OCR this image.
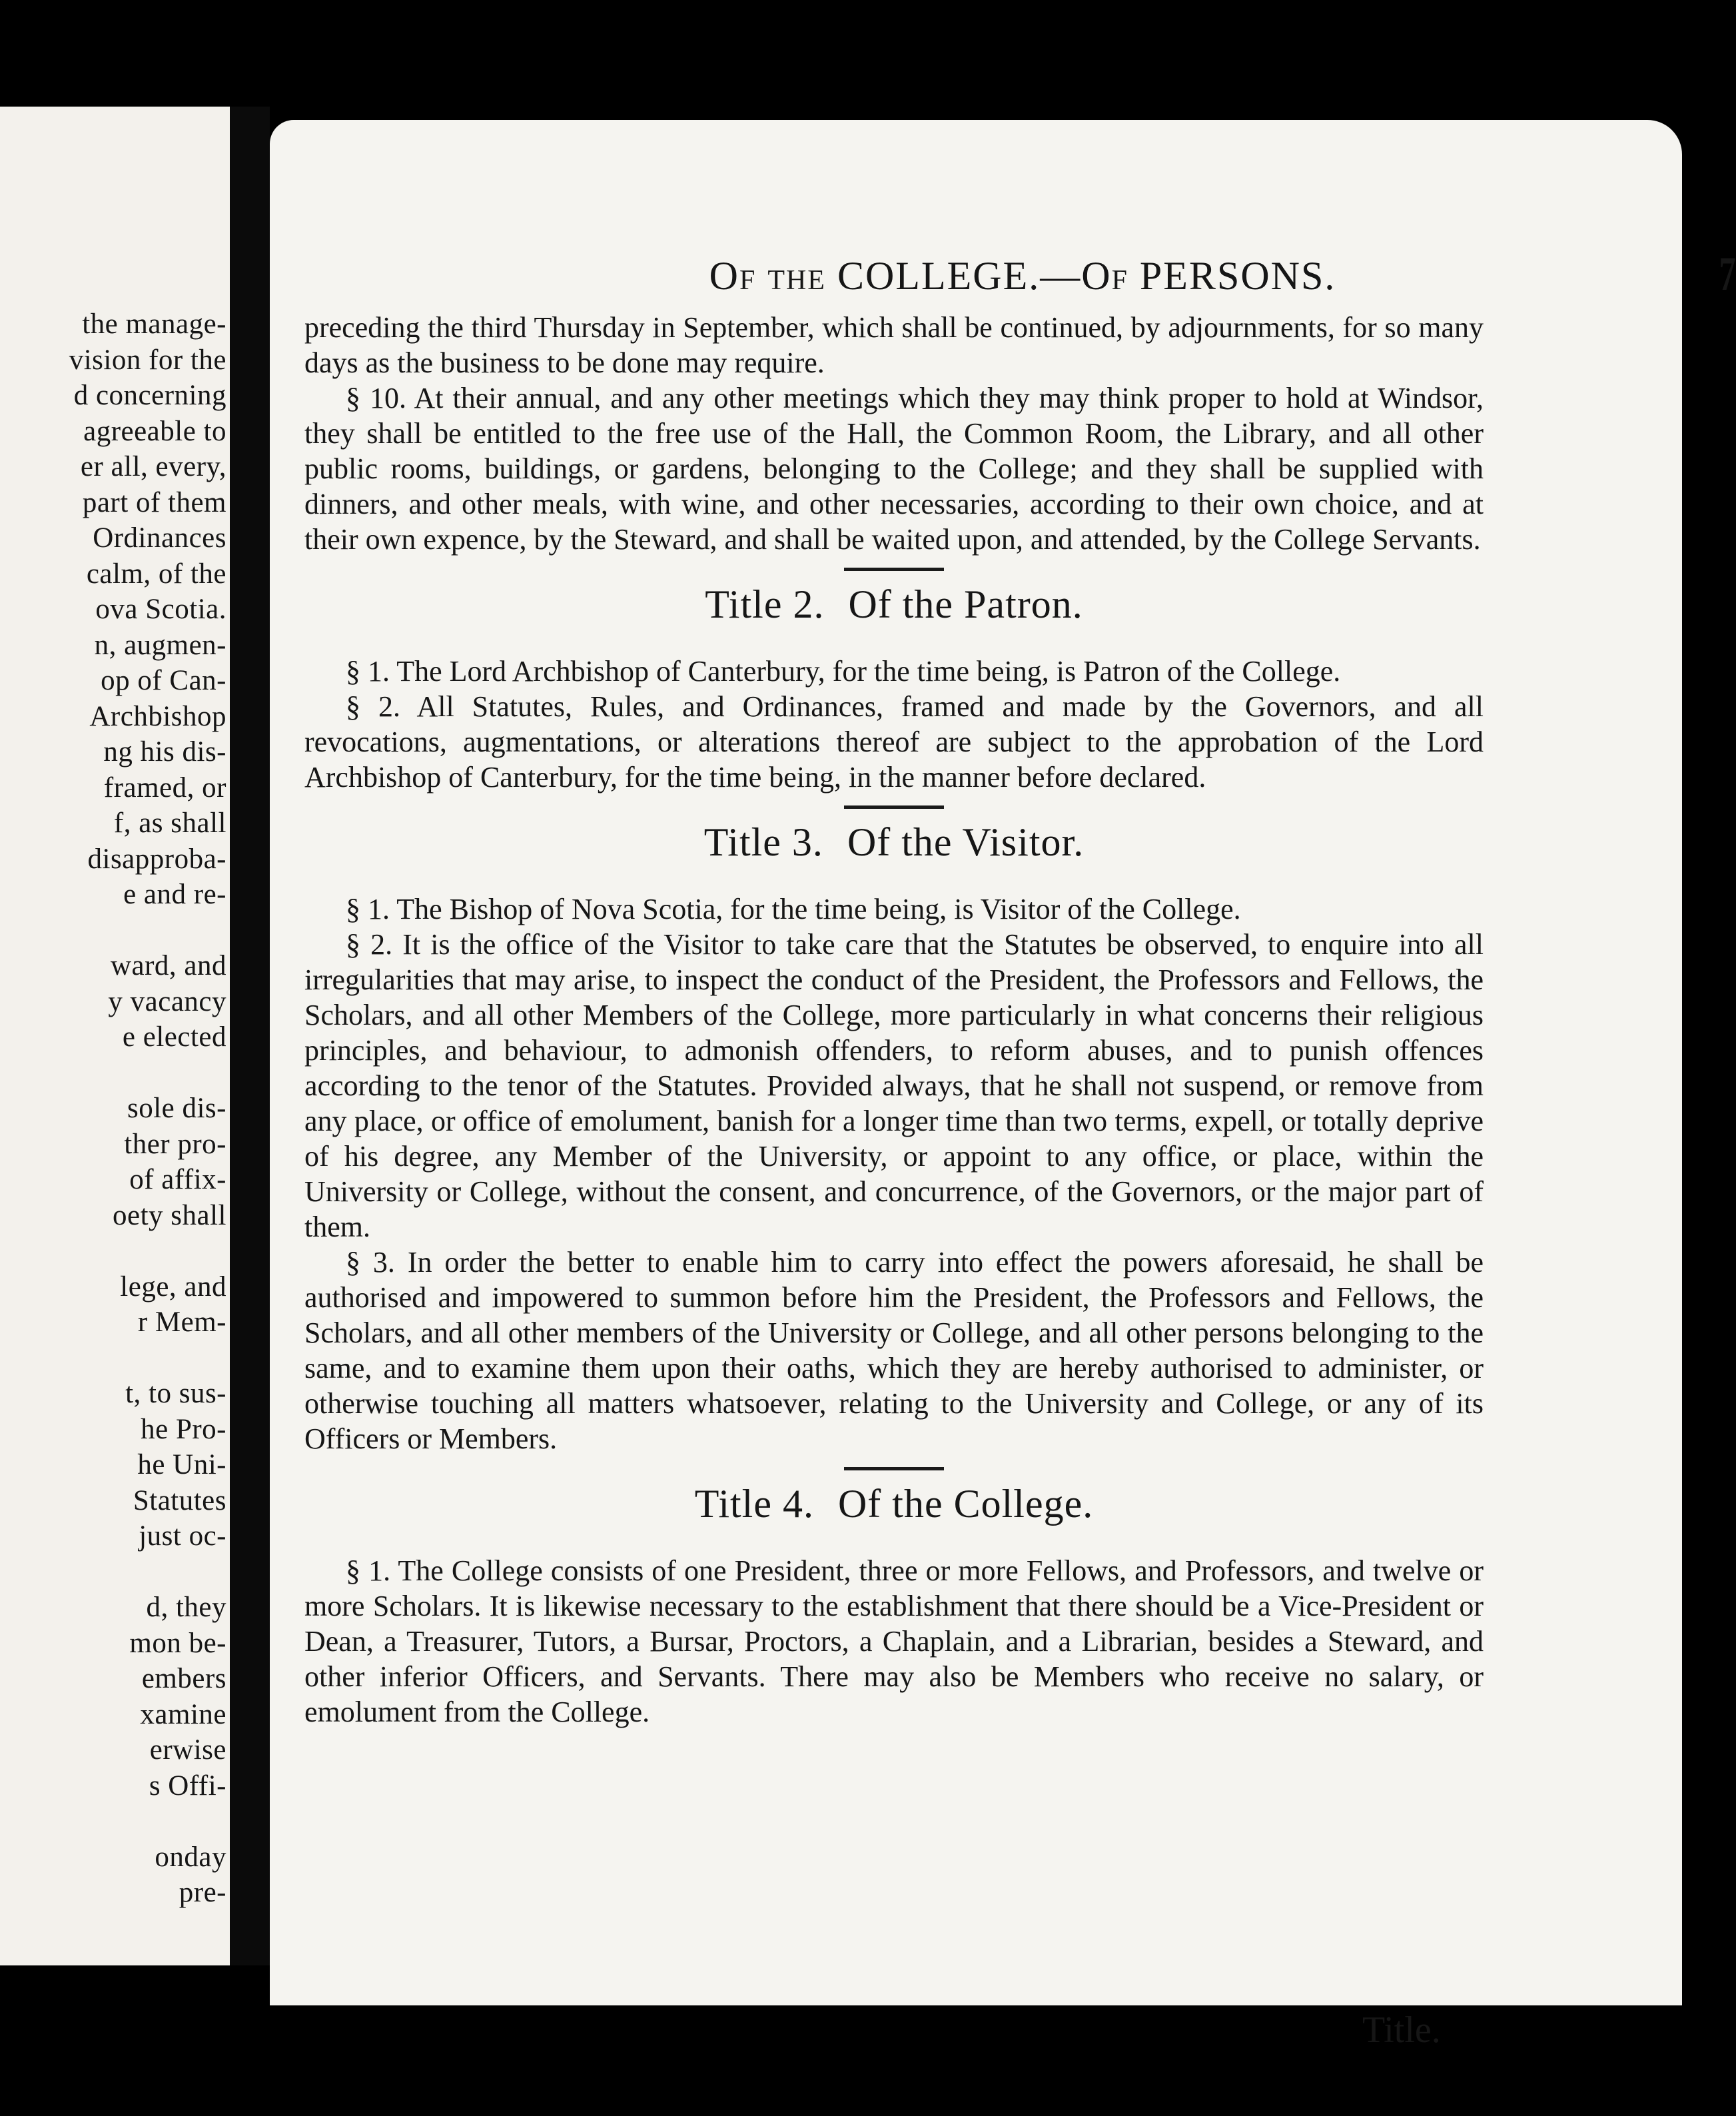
the manage-
vision for the
d concerning
agreeable to
er all, every,
part of them
Ordinances
calm, of the
ova Scotia.
n, augmen-
op of Can-
Archbishop
ng his dis-
framed, or
f, as shall
disapproba-
e and re-
ward, and
y vacancy
e elected
sole dis-
ther pro-
of affix-
oety shall
lege, and
r Mem-
t, to sus-
he Pro-
he Uni-
Statutes
just oc-
d, they
mon be-
embers
xamine
erwise
s Offi-
onday
pre-
Of the COLLEGE.—Of PERSONS.	7

preceding the third Thursday in September, which shall be continued, by adjournments, for so many days as the business to be done may require.

§ 10. At their annual, and any other meetings which they may think proper to hold at Windsor, they shall be entitled to the free use of the Hall, the Common Room, the Library, and all other public rooms, buildings, or gardens, belonging to the College; and they shall be supplied with dinners, and other meals, with wine, and other necessaries, according to their own choice, and at their own expence, by the Steward, and shall be waited upon, and attended, by the College Servants.

Title 2. Of the Patron.

§ 1. The Lord Archbishop of Canterbury, for the time being, is Patron of the College.

§ 2. All Statutes, Rules, and Ordinances, framed and made by the Governors, and all revocations, augmentations, or alterations thereof are subject to the approbation of the Lord Archbishop of Canterbury, for the time being, in the manner before declared.

Title 3. Of the Visitor.

§ 1. The Bishop of Nova Scotia, for the time being, is Visitor of the College.

§ 2. It is the office of the Visitor to take care that the Statutes be observed, to enquire into all irregularities that may arise, to inspect the conduct of the President, the Professors and Fellows, the Scholars, and all other Members of the College, more particularly in what concerns their religious principles, and behaviour, to admonish offenders, to reform abuses, and to punish offences according to the tenor of the Statutes. Provided always, that he shall not suspend, or remove from any place, or office of emolument, banish for a longer time than two terms, expell, or totally deprive of his degree, any Member of the University, or appoint to any office, or place, within the University or College, without the consent, and concurrence, of the Governors, or the major part of them.

§ 3. In order the better to enable him to carry into effect the powers aforesaid, he shall be authorised and impowered to summon before him the President, the Professors and Fellows, the Scholars, and all other members of the University or College, and all other persons belonging to the same, and to examine them upon their oaths, which they are hereby authorised to administer, or otherwise touching all matters whatsoever, relating to the University and College, or any of its Officers or Members.

Title 4. Of the College.

§ 1. The College consists of one President, three or more Fellows, and Professors, and twelve or more Scholars. It is likewise necessary to the establishment that there should be a Vice-President or Dean, a Treasurer, Tutors, a Bursar, Proctors, a Chaplain, and a Librarian, besides a Steward, and other inferior Officers, and Servants. There may also be Members who receive no salary, or emolument from the College.

Title.
